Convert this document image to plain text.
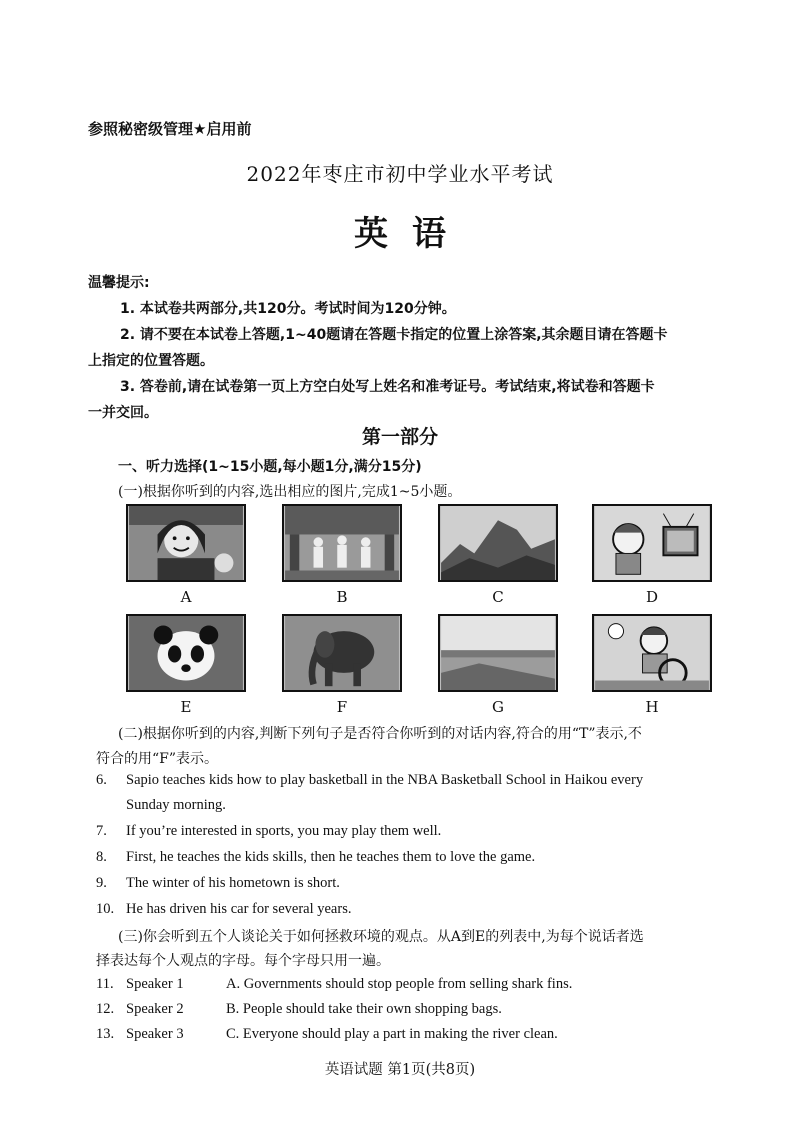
参照秘密级管理★启用前
2022年枣庄市初中学业水平考试
英语
温馨提示:
1. 本试卷共两部分,共120分。考试时间为120分钟。
2. 请不要在本试卷上答题,1~40题请在答题卡指定的位置上涂答案,其余题目请在答题卡
上指定的位置答题。
3. 答卷前,请在试卷第一页上方空白处写上姓名和准考证号。考试结束,将试卷和答题卡
一并交回。
第一部分
一、听力选择(1~15小题,每小题1分,满分15分)
(一)根据你听到的内容,选出相应的图片,完成1~5小题。
A	B	C	D
E	F	G	H
(二)根据你听到的内容,判断下列句子是否符合你听到的对话内容,符合的用“T”表示,不
符合的用“F”表示。
6. Sapio teaches kids how to play basketball in the NBA Basketball School in Haikou every
Sunday morning.
7. If you’re interested in sports, you may play them well.
8. First, he teaches the kids skills, then he teaches them to love the game.
9. The winter of his hometown is short.
10. He has driven his car for several years.
(三)你会听到五个人谈论关于如何拯救环境的观点。从A到E的列表中,为每个说话者选
择表达每个人观点的字母。每个字母只用一遍。
11. Speaker 1	A. Governments should stop people from selling shark fins.
12. Speaker 2	B. People should take their own shopping bags.
13. Speaker 3	C. Everyone should play a part in making the river clean.
英语试题 第1页(共8页)
